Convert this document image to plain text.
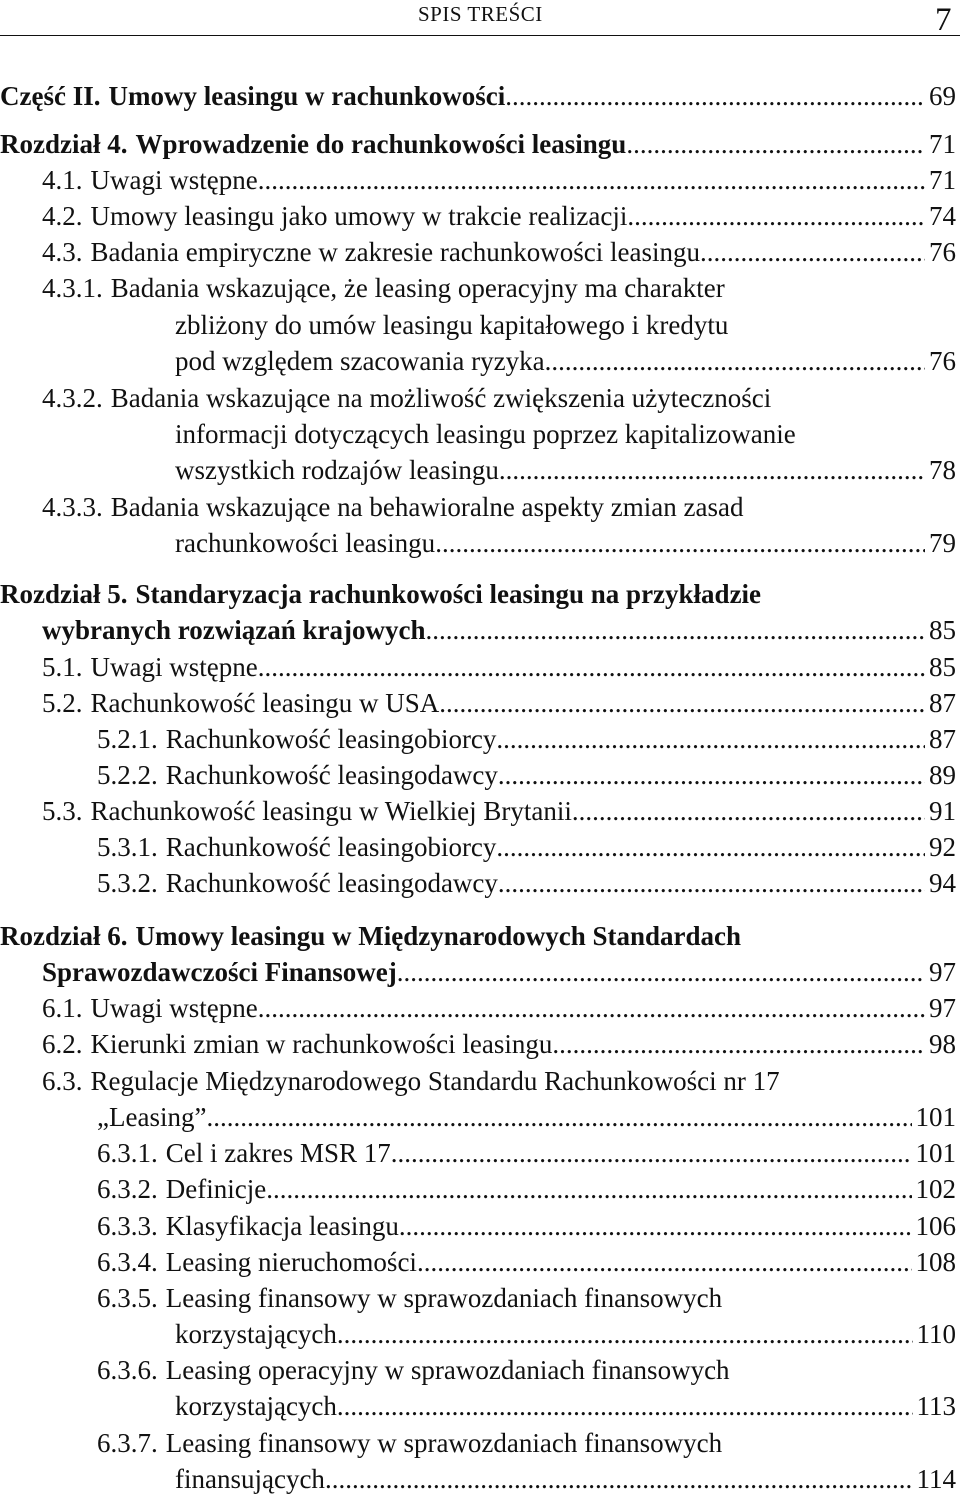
SPIS TREŚCI	7
Część II. Umowy leasingu w rachunkowości .....	69
Rozdział 4. Wprowadzenie do rachunkowości leasingu .....	71
4.1. Uwagi wstępne .....	71
4.2. Umowy leasingu jako umowy w trakcie realizacji .....	74
4.3. Badania empiryczne w zakresie rachunkowości leasingu .....	76
4.3.1. Badania wskazujące, że leasing operacyjny ma charakter
zbliżony do umów leasingu kapitałowego i kredytu
pod względem szacowania ryzyka .....	76
4.3.2. Badania wskazujące na możliwość zwiększenia użyteczności
informacji dotyczących leasingu poprzez kapitalizowanie
wszystkich rodzajów leasingu .....	78
4.3.3. Badania wskazujące na behawioralne aspekty zmian zasad
rachunkowości leasingu .....	79
Rozdział 5. Standaryzacja rachunkowości leasingu na przykładzie
wybranych rozwiązań krajowych .....	85
5.1. Uwagi wstępne .....	85
5.2. Rachunkowość leasingu w USA .....	87
5.2.1. Rachunkowość leasingobiorcy .....	87
5.2.2. Rachunkowość leasingodawcy .....	89
5.3. Rachunkowość leasingu w Wielkiej Brytanii .....	91
5.3.1. Rachunkowość leasingobiorcy .....	92
5.3.2. Rachunkowość leasingodawcy .....	94
Rozdział 6. Umowy leasingu w Międzynarodowych Standardach
Sprawozdawczości Finansowej .....	97
6.1. Uwagi wstępne .....	97
6.2. Kierunki zmian w rachunkowości leasingu .....	98
6.3. Regulacje Międzynarodowego Standardu Rachunkowości nr 17
„Leasing” .....	101
6.3.1. Cel i zakres MSR 17 .....	101
6.3.2. Definicje .....	102
6.3.3. Klasyfikacja leasingu .....	106
6.3.4. Leasing nieruchomości .....	108
6.3.5. Leasing finansowy w sprawozdaniach finansowych
korzystających .....	110
6.3.6. Leasing operacyjny w sprawozdaniach finansowych
korzystających .....	113
6.3.7. Leasing finansowy w sprawozdaniach finansowych
finansujących .....	114
